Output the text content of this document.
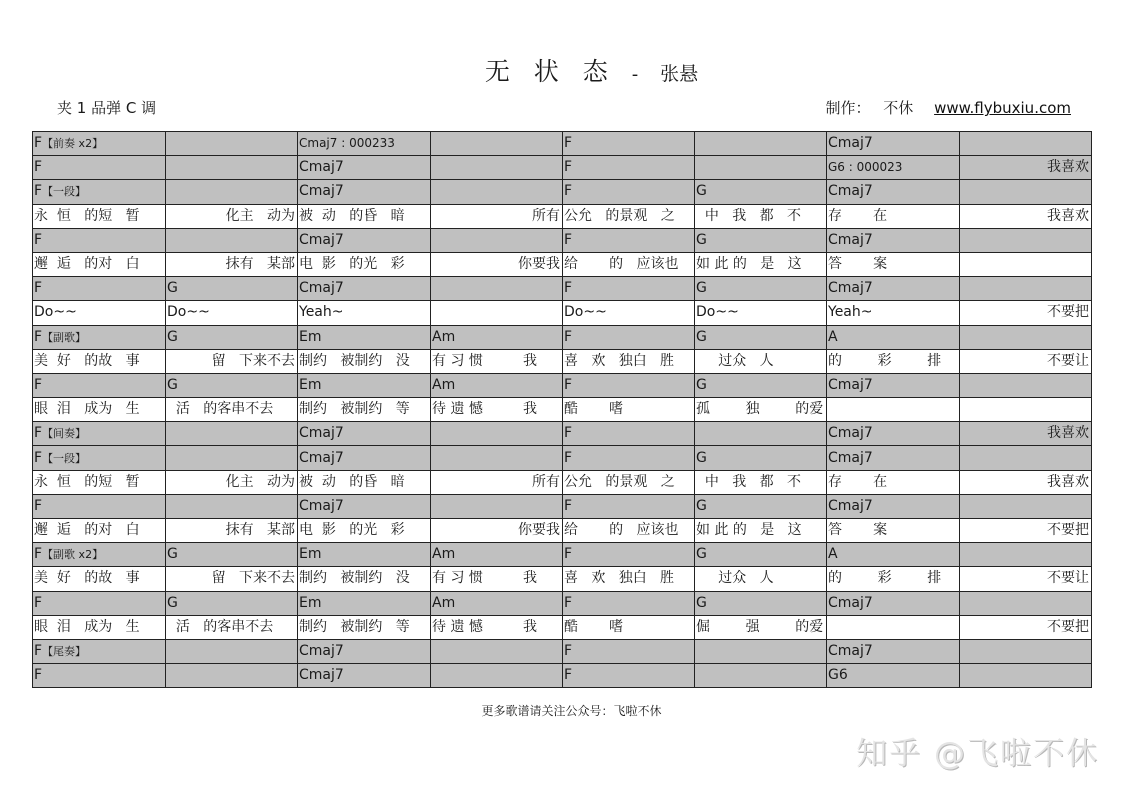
无 状 态 - 张悬
夹 1 品弹 C 调	制作： 不休 www.flybuxiu.com
F【前奏 x2】		Cmaj7 : 000233		F		Cmaj7	
F		Cmaj7		F		G6 : 000023	我喜欢
F【一段】		Cmaj7		F	G	Cmaj7	
永  恒   的短   暂	化主   动为	被  动   的昏   暗	所有	公允   的景观   之	中   我   都   不	存       在	我喜欢
F		Cmaj7		F	G	Cmaj7	
邂  逅   的对   白	抹有   某部	电  影   的光   彩	你要我	给       的   应该也	如 此 的   是   这	答       案	
F	G	Cmaj7		F	G	Cmaj7	
Do~~	Do~~	Yeah~		Do~~	Do~~	Yeah~	不要把
F【副歌】	G	Em	Am	F	G	A	
美  好   的故   事	留   下来不去	制约   被制约   没	有 习 惯         我	喜   欢   独白   胜	过众   人	的        彩        排	不要让
F	G	Em	Am	F	G	Cmaj7	
眼  泪   成为   生	活   的客串不去	制约   被制约   等	待 遗 憾         我	酷       嗜	孤        独        的爱		
F【间奏】		Cmaj7		F		Cmaj7	我喜欢
F【一段】		Cmaj7		F	G	Cmaj7	
永  恒   的短   暂	化主   动为	被  动   的昏   暗	所有	公允   的景观   之	中   我   都   不	存       在	我喜欢
F		Cmaj7		F	G	Cmaj7	
邂  逅   的对   白	抹有   某部	电  影   的光   彩	你要我	给       的   应该也	如 此 的   是   这	答       案	不要把
F【副歌 x2】	G	Em	Am	F	G	A	
美  好   的故   事	留   下来不去	制约   被制约   没	有 习 惯         我	喜   欢   独白   胜	过众   人	的        彩        排	不要让
F	G	Em	Am	F	G	Cmaj7	
眼  泪   成为   生	活   的客串不去	制约   被制约   等	待 遗 憾         我	酷       嗜	倔        强        的爱		不要把
F【尾奏】		Cmaj7		F		Cmaj7	
F		Cmaj7		F		G6	
更多歌谱请关注公众号：飞啦不休
知乎 @飞啦不休
